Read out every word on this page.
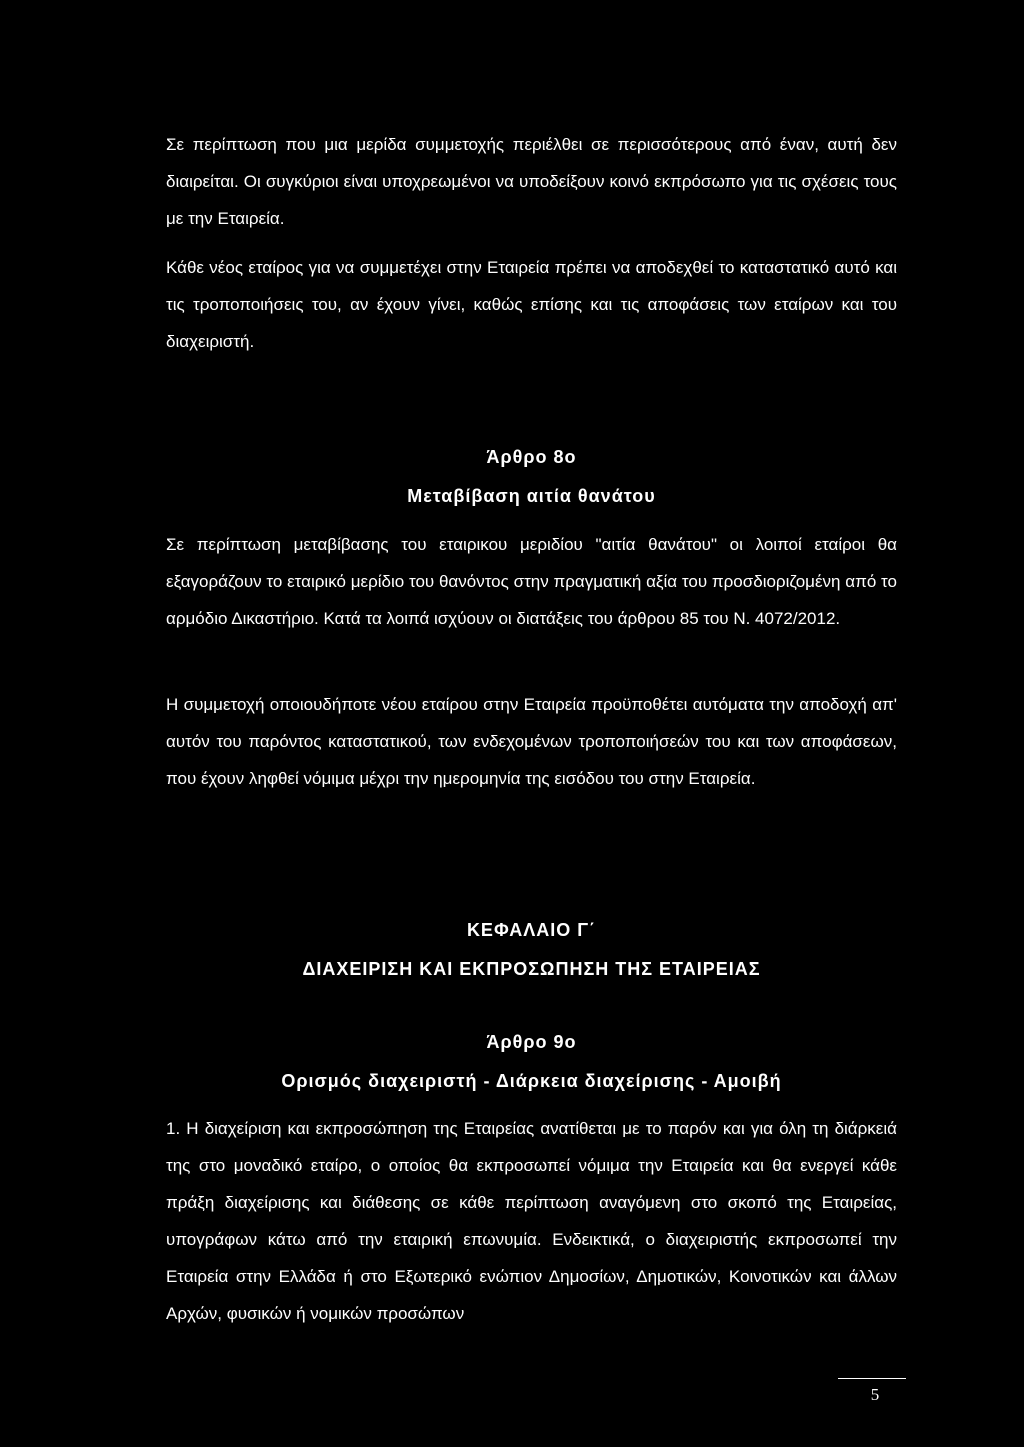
Σε περίπτωση που μια μερίδα συμμετοχής περιέλθει σε περισσότερους από έναν, αυτή δεν διαιρείται. Οι συγκύριοι είναι υποχρεωμένοι να υποδείξουν κοινό εκπρόσωπο για τις σχέσεις τους με την Εταιρεία.

Κάθε νέος εταίρος για να συμμετέχει στην Εταιρεία πρέπει να αποδεχθεί το καταστατικό αυτό και τις τροποποιήσεις του, αν έχουν γίνει, καθώς επίσης και τις αποφάσεις των εταίρων και του διαχειριστή.

Άρθρο 8ο
Μεταβίβαση αιτία θανάτου

Σε περίπτωση μεταβίβασης του εταιρικου μεριδίου "αιτία θανάτου" οι λοιποί εταίροι θα εξαγοράζουν το εταιρικό μερίδιο του θανόντος στην πραγματική αξία του προσδιοριζομένη από το αρμόδιο Δικαστήριο. Κατά τα λοιπά ισχύουν οι διατάξεις του άρθρου 85 του Ν. 4072/2012.

Η συμμετοχή οποιουδήποτε νέου εταίρου στην Εταιρεία προϋποθέτει αυτόματα την αποδοχή απ' αυτόν του παρόντος καταστατικού, των ενδεχομένων τροποποιήσεών του και των αποφάσεων, που έχουν ληφθεί νόμιμα μέχρι την ημερομηνία της εισόδου του στην Εταιρεία.

ΚΕΦΑΛΑΙΟ Γ΄
ΔΙΑΧΕΙΡΙΣΗ ΚΑΙ ΕΚΠΡΟΣΩΠΗΣΗ ΤΗΣ ΕΤΑΙΡΕΙΑΣ
Άρθρο 9ο
Ορισμός διαχειριστή - Διάρκεια διαχείρισης - Αμοιβή

1. Η διαχείριση και εκπροσώπηση της Εταιρείας ανατίθεται με το παρόν και για όλη τη διάρκειά της στο μοναδικό εταίρο, ο οποίος θα εκπροσωπεί νόμιμα την Εταιρεία και θα ενεργεί κάθε πράξη διαχείρισης και διάθεσης σε κάθε περίπτωση αναγόμενη στο σκοπό της Εταιρείας, υπογράφων κάτω από την εταιρική επωνυμία. Ενδεικτικά, ο διαχειριστής εκπροσωπεί την Εταιρεία στην Ελλάδα ή στο Εξωτερικό ενώπιον Δημοσίων, Δημοτικών, Κοινοτικών και άλλων Αρχών, φυσικών ή νομικών προσώπων

5
